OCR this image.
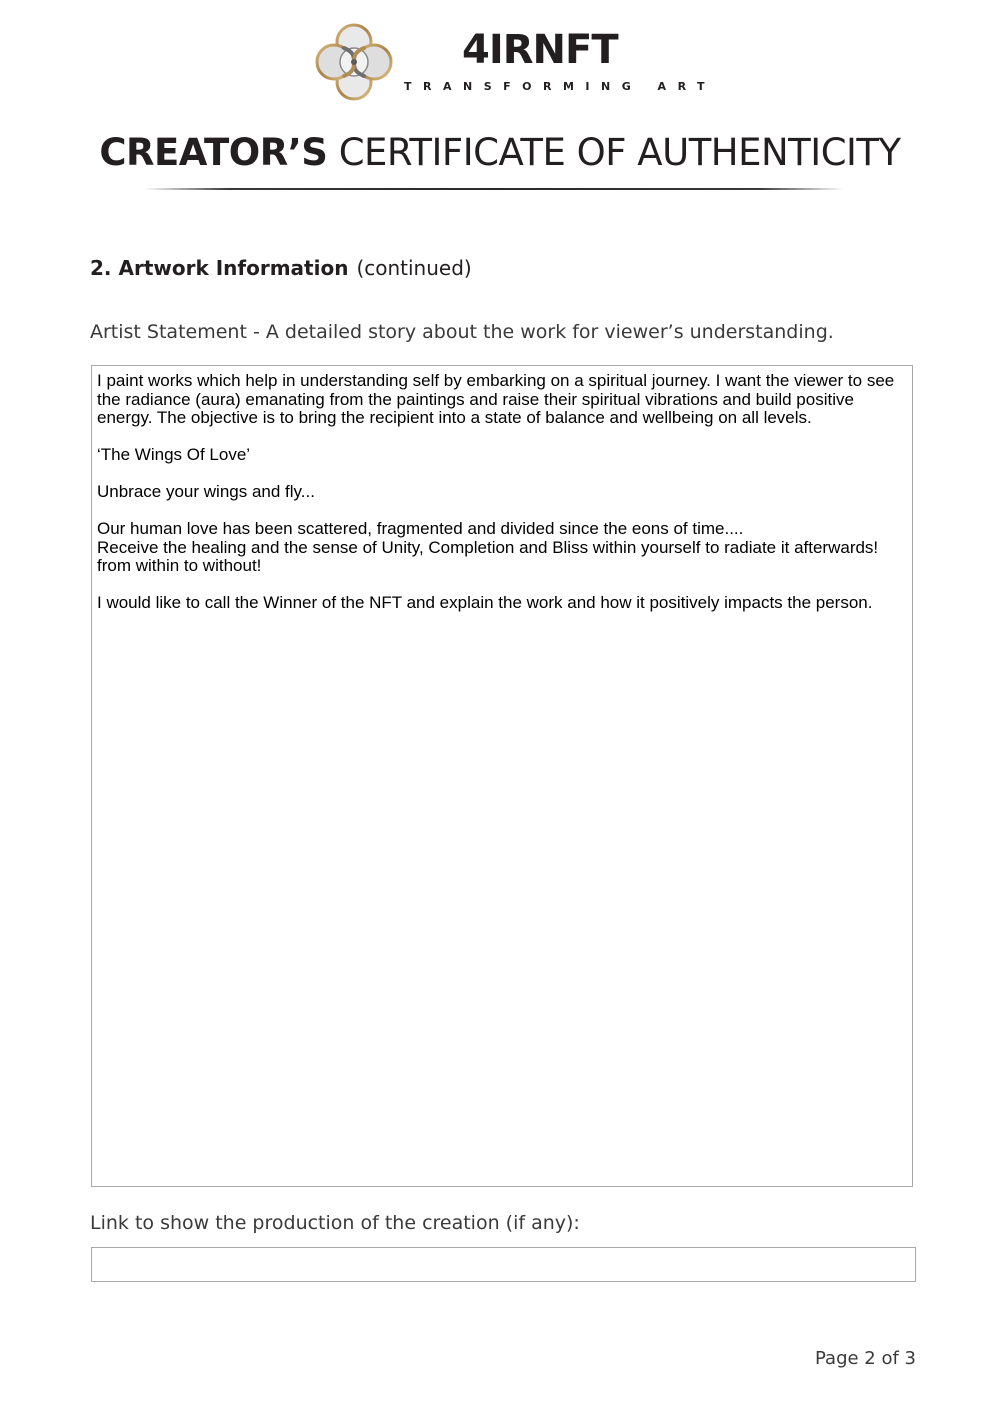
4IRNFT
TRANSFORMING ART
CREATOR’S CERTIFICATE OF AUTHENTICITY
2. Artwork Information (continued)
Artist Statement - A detailed story about the work for viewer’s understanding.

I paint works which help in understanding self by embarking on a spiritual journey. I want the viewer to see the radiance (aura) emanating from the paintings and raise their spiritual vibrations and build positive energy. The objective is to bring the recipient into a state of balance and wellbeing on all levels.

‘The Wings Of Love’

Unbrace your wings and fly...

Our human love has been scattered, fragmented and divided since the eons of time....
Receive the healing and the sense of Unity, Completion and Bliss within yourself to radiate it afterwards! from within to without!

I would like to call the Winner of the NFT and explain the work and how it positively impacts the person.

Link to show the production of the creation (if any):
Page 2 of 3
